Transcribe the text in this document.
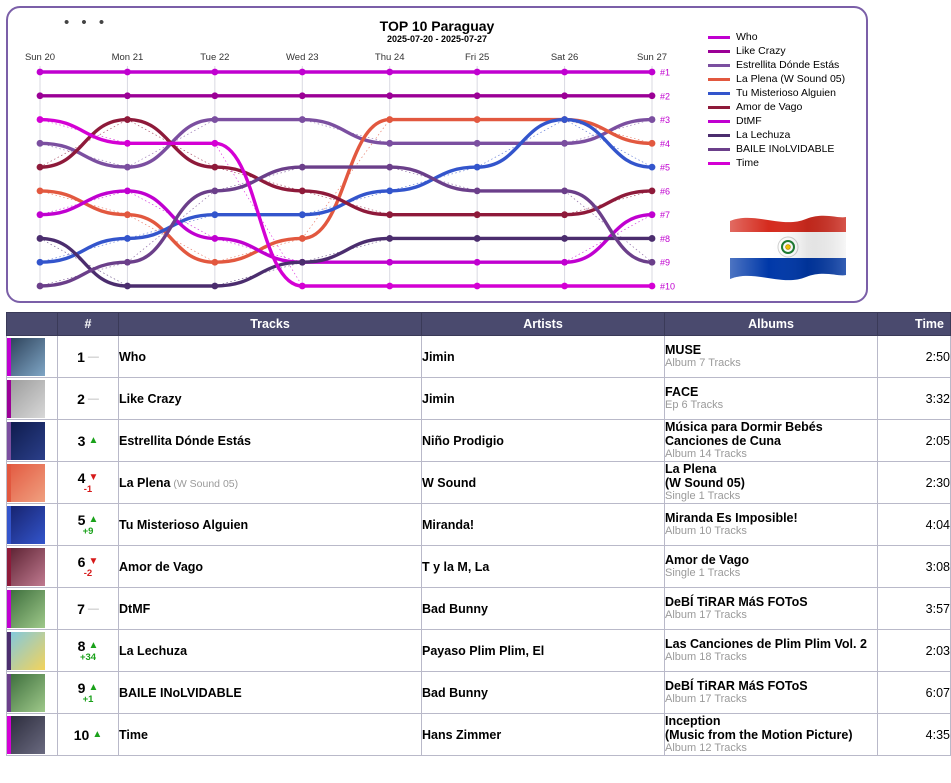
TOP 10 Paraguay
2025-07-20 - 2025-07-27
Sun 20	Mon 21	Tue 22	Wed 23	Thu 24	Fri 25	Sat 26	Sun 27
#1
#2
#3
#4
#5
#6
#7
#8
#9
#10
Who
Like Crazy
Estrellita Dónde Estás
La Plena (W Sound 05)
Tu Misterioso Alguien
Amor de Vago
DtMF
La Lechuza
BAILE INoLVIDABLE
Time
• • •
	#	Tracks	Artists	Albums	Time

1 —	Who	Jimin	MUSE
Album 7 Tracks	2:50

2 —	Like Crazy	Jimin	FACE
Ep 6 Tracks	3:32

3 ▲	Estrellita Dónde Estás	Niño Prodigio	
Música para Dormir Bebés
Canciones de Cuna
Album 14 Tracks
	2:05

4 ▼
-1	La Plena (W Sound 05)	W Sound	
La Plena
(W Sound 05)
Single 1 Tracks
	2:30

5 ▲
+9	Tu Misterioso Alguien	Miranda!	Miranda Es Imposible!
Album 10 Tracks	4:04

6 ▼
-2	Amor de Vago	T y la M, La	Amor de Vago
Single 1 Tracks	3:08

7 —	DtMF	Bad Bunny	DeBÍ TiRAR MáS FOToS
Album 17 Tracks	3:57

8 ▲
+34	La Lechuza	Payaso Plim Plim, El	Las Canciones de Plim Plim Vol. 2
Album 18 Tracks	2:03

9 ▲
+1	BAILE INoLVIDABLE	Bad Bunny	DeBÍ TiRAR MáS FOToS
Album 17 Tracks	6:07

10 ▲	Time	Hans Zimmer	
Inception
(Music from the Motion Picture)
Album 12 Tracks
	4:35
